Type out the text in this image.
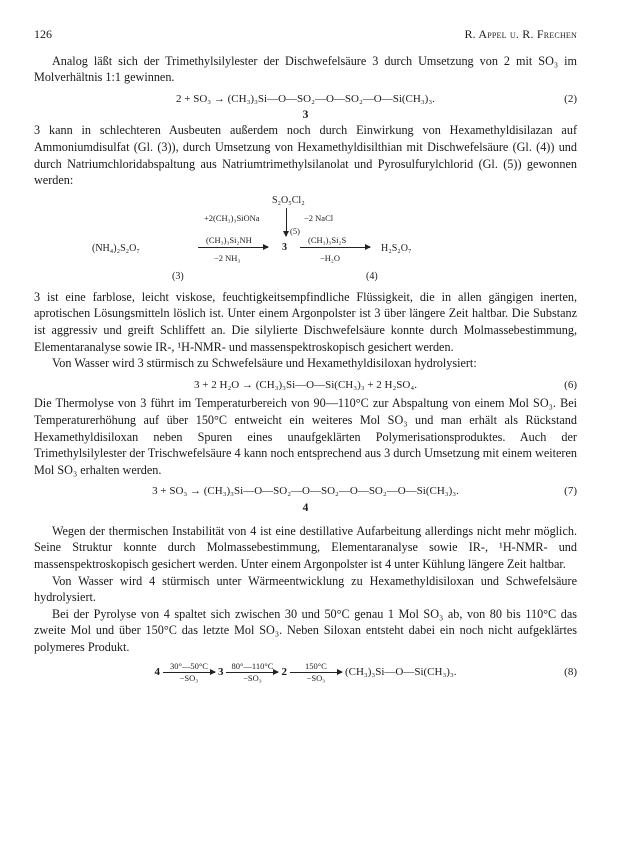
126	R. Appel u. R. Frechen

Analog läßt sich der Trimethylsilylester der Dischwefelsäure 3 durch Umsetzung von 2 mit SO₃ im Molverhältnis 1:1 gewinnen.

2 + SO₃ → (CH₃)₃Si—O—SO₂—O—SO₂—O—Si(CH₃)₃.	(2)
3

3 kann in schlechteren Ausbeuten außerdem noch durch Einwirkung von Hexamethyldisilazan auf Ammoniumdisulfat (Gl. (3)), durch Umsetzung von Hexamethyldisilthian mit Dischwefelsäure (Gl. (4)) und durch Natriumchloridabspaltung aus Natriumtrimethylsilanolat und Pyrosulfurylchlorid (Gl. (5)) gewonnen werden:

S₂O₅Cl₂
+2(CH₃)₃SiONa	−2 NaCl
(5)
(NH₄)₂S₂O₇
(CH₃)₃Si₂NH
−2 NH₃
3
(CH₃)₃Si₂S
−H₂O
H₂S₂O₇
(3)	(4)

3 ist eine farblose, leicht viskose, feuchtigkeitsempfindliche Flüssigkeit, die in allen gängigen inerten, aprotischen Lösungsmitteln löslich ist. Unter einem Argonpolster ist 3 über längere Zeit haltbar. Die Substanz ist aggressiv und greift Schliffett an. Die silylierte Dischwefelsäure konnte durch Molmassebestimmung, Elementaranalyse sowie IR-, ¹H-NMR- und massenspektroskopisch gesichert werden.

Von Wasser wird 3 stürmisch zu Schwefelsäure und Hexamethyldisiloxan hydrolysiert:

3 + 2 H₂O → (CH₃)₃Si—O—Si(CH₃)₃ + 2 H₂SO₄.	(6)

Die Thermolyse von 3 führt im Temperaturbereich von 90—110°C zur Abspaltung von einem Mol SO₃. Bei Temperaturerhöhung auf über 150°C entweicht ein weiteres Mol SO₃ und man erhält als Rückstand Hexamethyldisiloxan neben Spuren eines unaufgeklärten Polymerisationsproduktes. Auch der Trimethylsilylester der Trischwefelsäure 4 kann noch entsprechend aus 3 durch Umsetzung mit einem weiteren Mol SO₃ erhalten werden.

3 + SO₃ → (CH₃)₃Si—O—SO₂—O—SO₂—O—SO₂—O—Si(CH₃)₃.	(7)
4

Wegen der thermischen Instabilität von 4 ist eine destillative Aufarbeitung allerdings nicht mehr möglich. Seine Struktur konnte durch Molmassebestimmung, Elementaranalyse sowie IR-, ¹H-NMR- und massenspektroskopisch gesichert werden. Unter einem Argonpolster ist 4 unter Kühlung längere Zeit haltbar.

Von Wasser wird 4 stürmisch unter Wärmeentwicklung zu Hexamethyldisiloxan und Schwefelsäure hydrolysiert.

Bei der Pyrolyse von 4 spaltet sich zwischen 30 und 50°C genau 1 Mol SO₃ ab, von 80 bis 110°C das zweite Mol und über 150°C das letzte Mol SO₃. Neben Siloxan entsteht dabei ein noch nicht aufgeklärtes polymeres Produkt.

4
30°—50°C
−SO₃	3
80°—110°C
−SO₃	2
150°C
−SO₃	(CH₃)₃Si—O—Si(CH₃)₃.	(8)
